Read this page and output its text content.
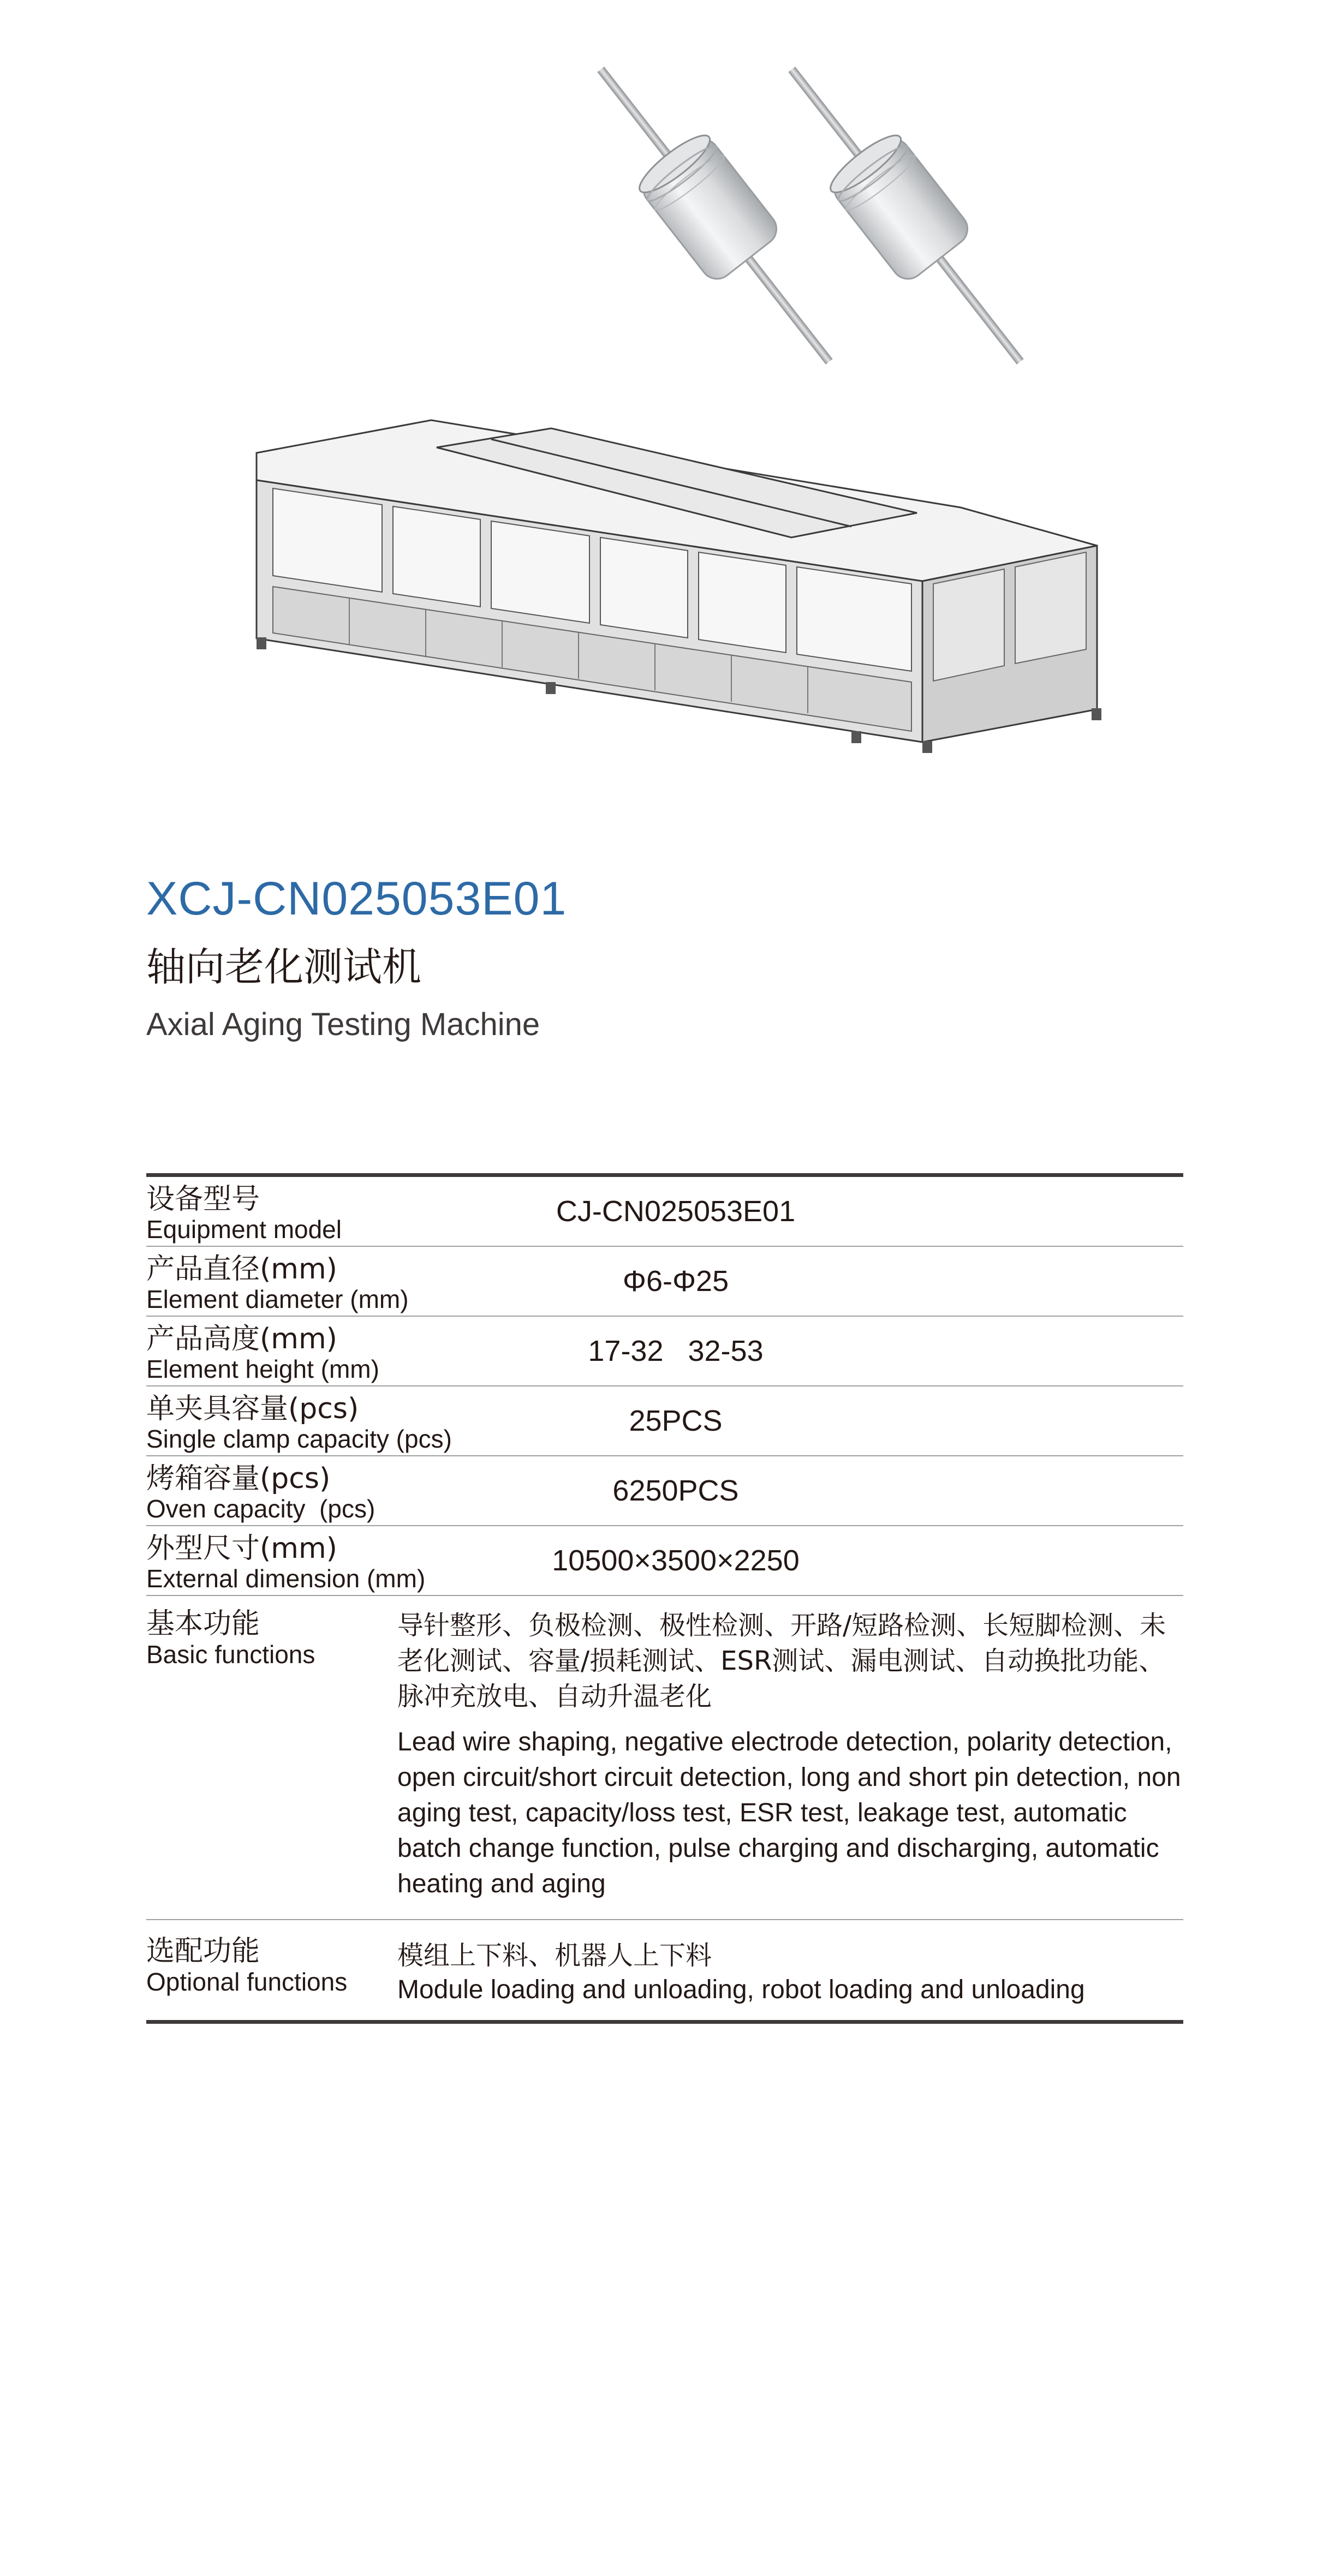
XCJ-CN025053E01
轴向老化测试机
Axial Aging Testing Machine
设备型号
Equipment model
CJ-CN025053E01
产品直径(mm)
Element diameter (mm)
Φ6-Φ25
产品高度(mm)
Element height (mm)
17-32   32-53
单夹具容量(pcs)
Single clamp capacity (pcs)
25PCS
烤箱容量(pcs)
Oven capacity  (pcs)
6250PCS
外型尺寸(mm)
External dimension (mm)
10500×3500×2250
基本功能
Basic functions
导针整形、负极检测、极性检测、开路/短路检测、长短脚检测、未老化测试、容量/损耗测试、ESR测试、漏电测试、自动换批功能、脉冲充放电、自动升温老化
Lead wire shaping, negative electrode detection, polarity detection, open circuit/short circuit detection, long and short pin detection, non aging test, capacity/loss test, ESR test, leakage test, automatic batch change function, pulse charging and discharging, automatic heating and aging
选配功能
Optional functions
模组上下料、机器人上下料
Module loading and unloading, robot loading and unloading
